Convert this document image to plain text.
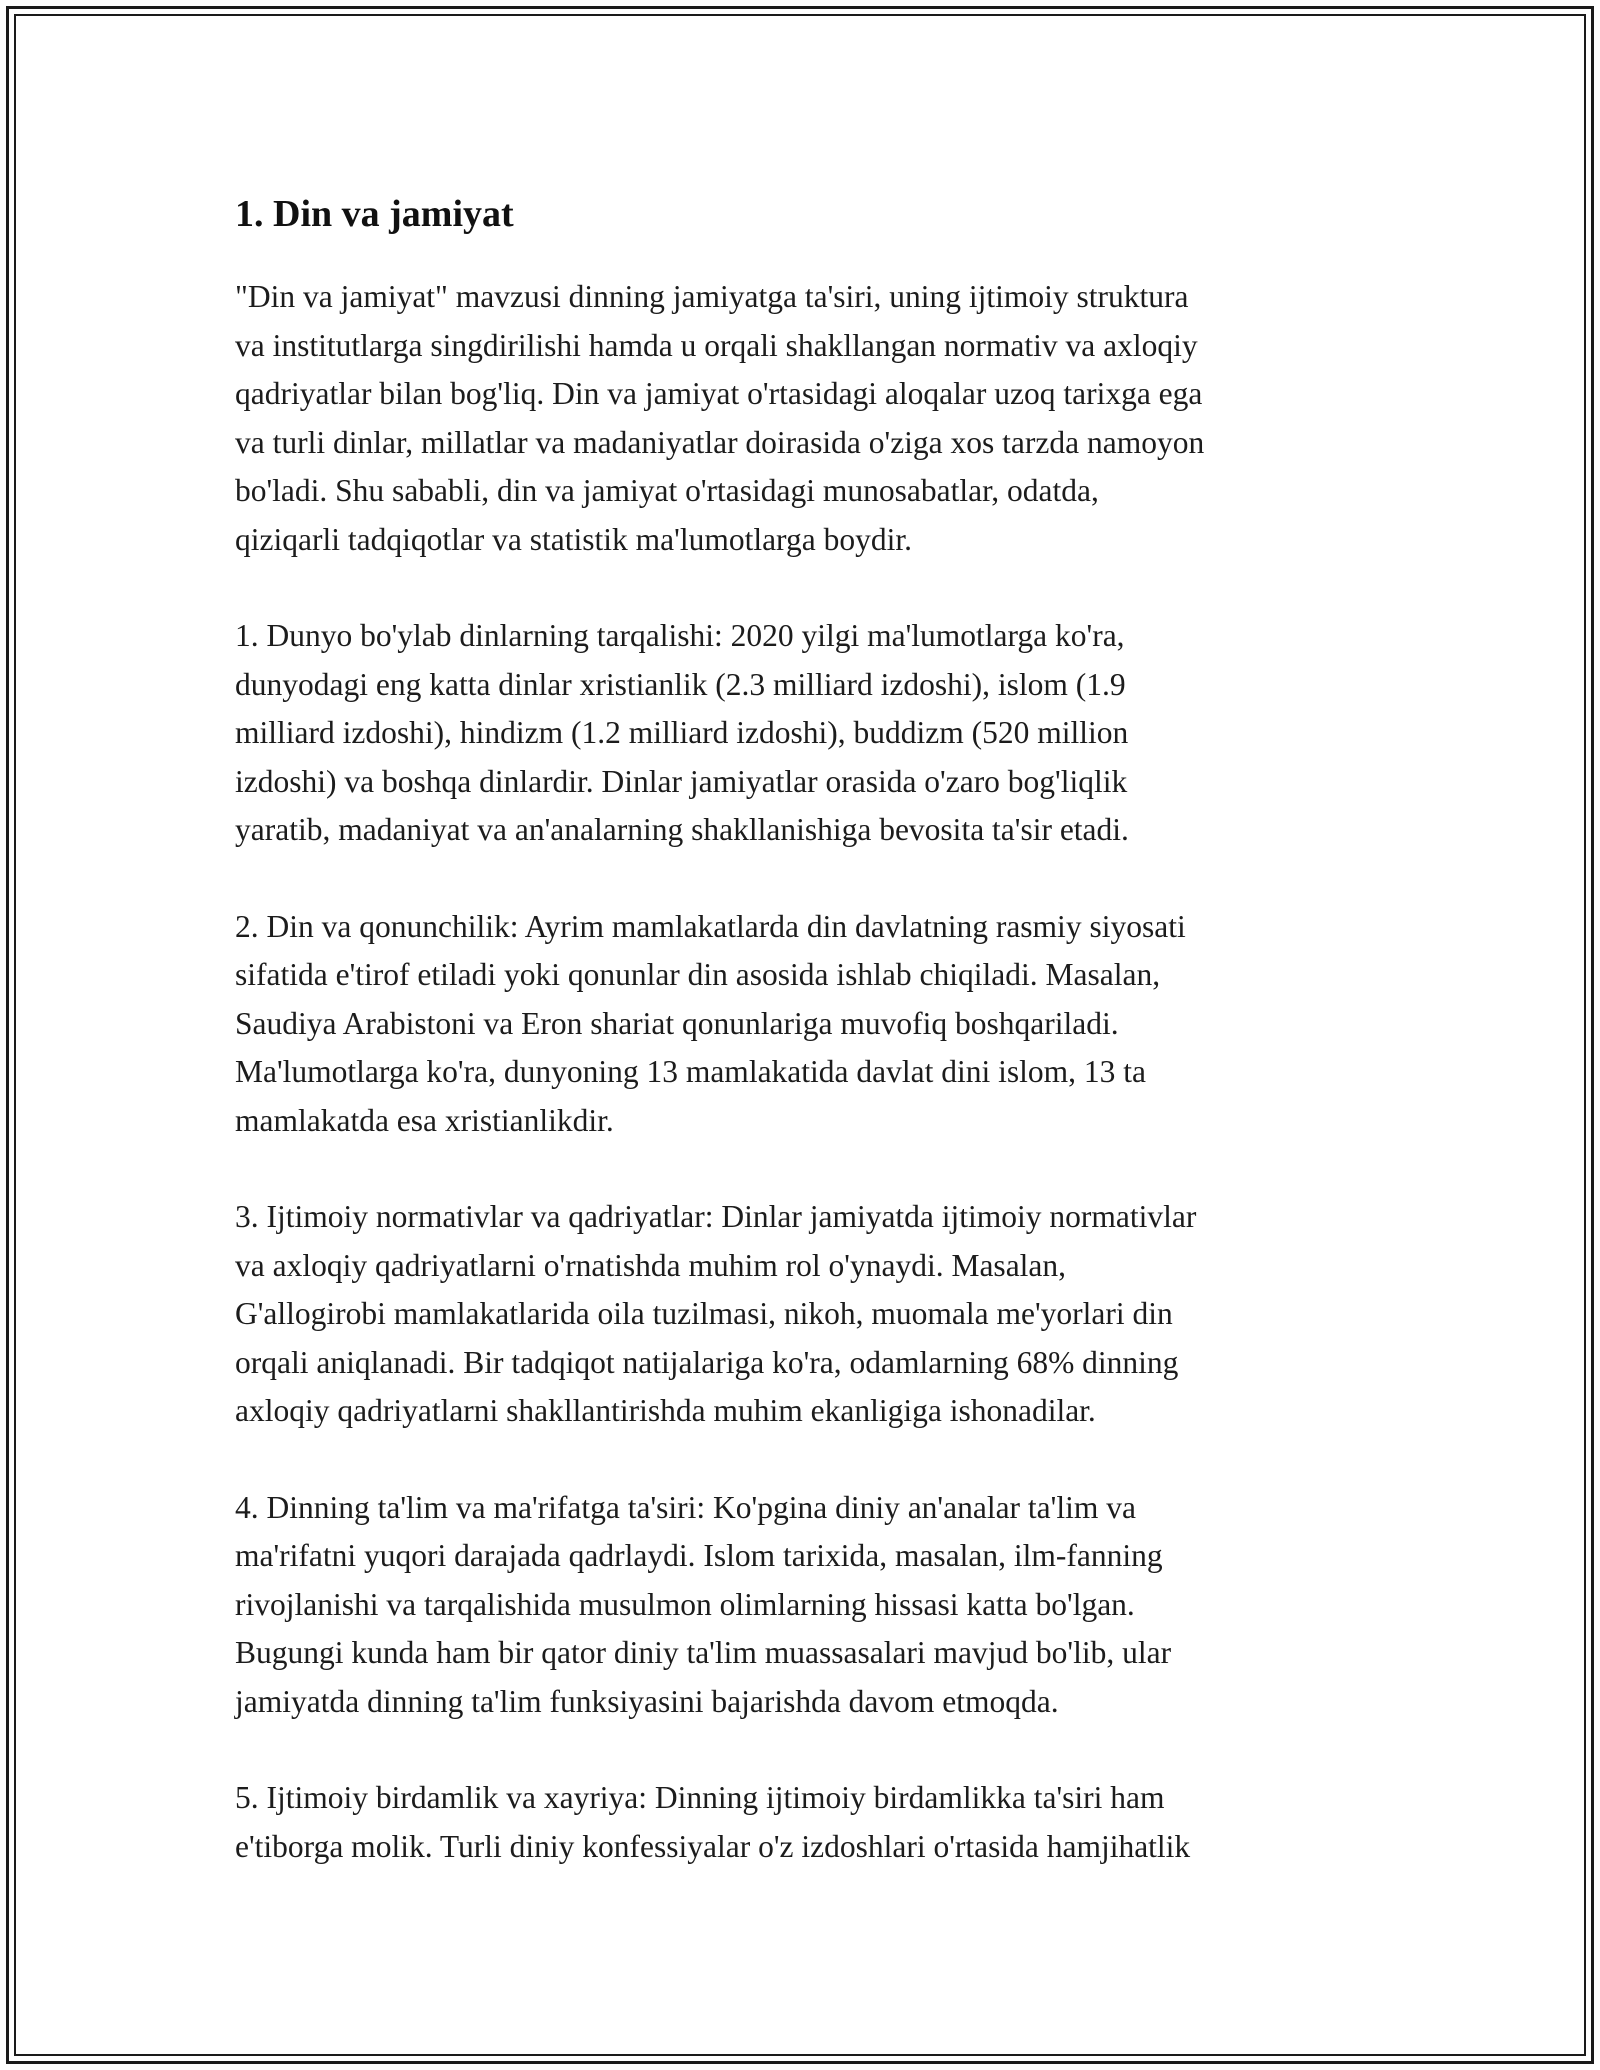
1. Din va jamiyat

"Din va jamiyat" mavzusi dinning jamiyatga ta'siri, uning ijtimoiy struktura
va institutlarga singdirilishi hamda u orqali shakllangan normativ va axloqiy
qadriyatlar bilan bog'liq. Din va jamiyat o'rtasidagi aloqalar uzoq tarixga ega
va turli dinlar, millatlar va madaniyatlar doirasida o'ziga xos tarzda namoyon
bo'ladi. Shu sababli, din va jamiyat o'rtasidagi munosabatlar, odatda,
qiziqarli tadqiqotlar va statistik ma'lumotlarga boydir.

1. Dunyo bo'ylab dinlarning tarqalishi: 2020 yilgi ma'lumotlarga ko'ra,
dunyodagi eng katta dinlar xristianlik (2.3 milliard izdoshi), islom (1.9
milliard izdoshi), hindizm (1.2 milliard izdoshi), buddizm (520 million
izdoshi) va boshqa dinlardir. Dinlar jamiyatlar orasida o'zaro bog'liqlik
yaratib, madaniyat va an'analarning shakllanishiga bevosita ta'sir etadi.

2. Din va qonunchilik: Ayrim mamlakatlarda din davlatning rasmiy siyosati
sifatida e'tirof etiladi yoki qonunlar din asosida ishlab chiqiladi. Masalan,
Saudiya Arabistoni va Eron shariat qonunlariga muvofiq boshqariladi.
Ma'lumotlarga ko'ra, dunyoning 13 mamlakatida davlat dini islom, 13 ta
mamlakatda esa xristianlikdir.

3. Ijtimoiy normativlar va qadriyatlar: Dinlar jamiyatda ijtimoiy normativlar
va axloqiy qadriyatlarni o'rnatishda muhim rol o'ynaydi. Masalan,
G'allogirobi mamlakatlarida oila tuzilmasi, nikoh, muomala me'yorlari din
orqali aniqlanadi. Bir tadqiqot natijalariga ko'ra, odamlarning 68% dinning
axloqiy qadriyatlarni shakllantirishda muhim ekanligiga ishonadilar.

4. Dinning ta'lim va ma'rifatga ta'siri: Ko'pgina diniy an'analar ta'lim va
ma'rifatni yuqori darajada qadrlaydi. Islom tarixida, masalan, ilm-fanning
rivojlanishi va tarqalishida musulmon olimlarning hissasi katta bo'lgan.
Bugungi kunda ham bir qator diniy ta'lim muassasalari mavjud bo'lib, ular
jamiyatda dinning ta'lim funksiyasini bajarishda davom etmoqda.

5. Ijtimoiy birdamlik va xayriya: Dinning ijtimoiy birdamlikka ta'siri ham
e'tiborga molik. Turli diniy konfessiyalar o'z izdoshlari o'rtasida hamjihatlik
